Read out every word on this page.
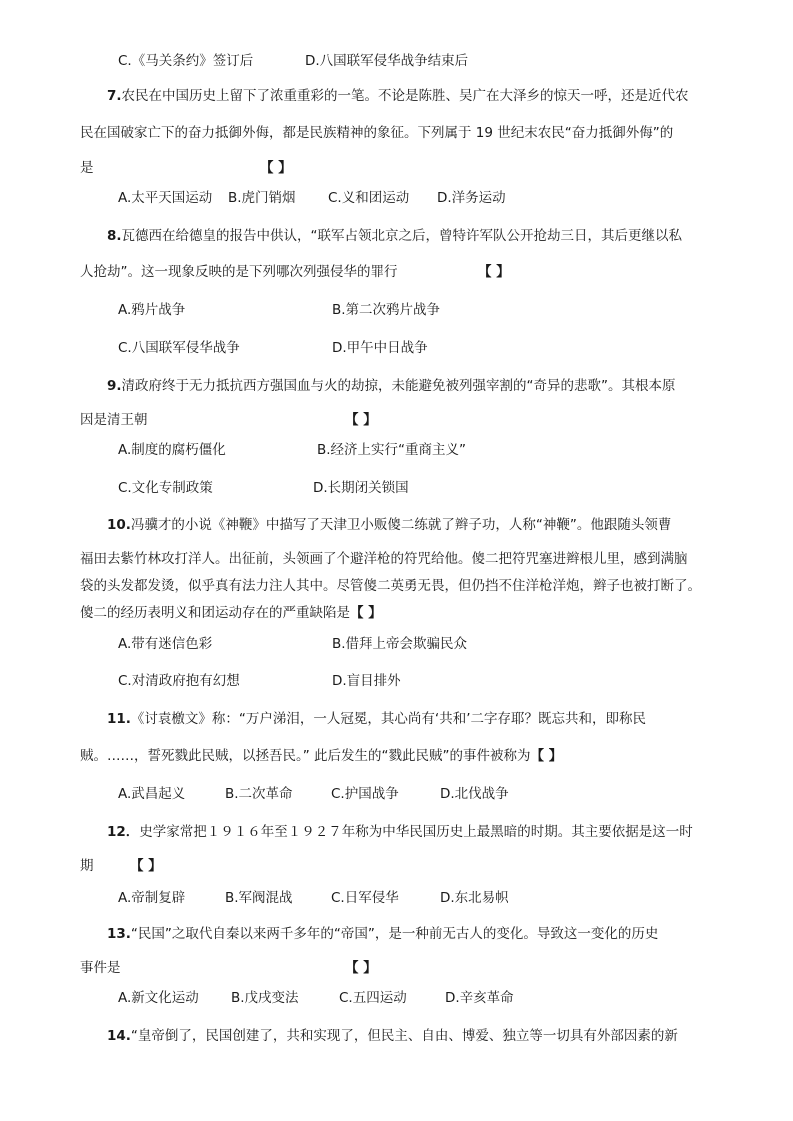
C.《马关条约》签订后	D.八国联军侵华战争结束后
7.农民在中国历史上留下了浓重重彩的一笔。不论是陈胜、吴广在大泽乡的惊天一呼，还是近代农
民在国破家亡下的奋力抵御外侮，都是民族精神的象征。下列属于 19 世纪末农民“奋力抵御外侮”的
是	【 】
A.太平天国运动 B.虎门销烟 C.义和团运动 D.洋务运动
8.瓦德西在给德皇的报告中供认，“联军占领北京之后，曾特许军队公开抢劫三日，其后更继以私
人抢劫”。这一现象反映的是下列哪次列强侵华的罪行	【 】
A.鸦片战争	B.第二次鸦片战争
C.八国联军侵华战争	D.甲午中日战争
9.清政府终于无力抵抗西方强国血与火的劫掠，未能避免被列强宰割的“奇异的悲歌”。其根本原
因是清王朝	【 】
A.制度的腐朽僵化	B.经济上实行“重商主义”
C.文化专制政策	D.长期闭关锁国
10.冯骥才的小说《神鞭》中描写了天津卫小贩傻二练就了辫子功，人称“神鞭”。他跟随头领曹
福田去紫竹林攻打洋人。出征前，头领画了个避洋枪的符咒给他。傻二把符咒塞进辫根儿里，感到满脑
袋的头发都发烫，似乎真有法力注人其中。尽管傻二英勇无畏，但仍挡不住洋枪洋炮，辫子也被打断了。
傻二的经历表明义和团运动存在的严重缺陷是【 】
A.带有迷信色彩	B.借拜上帝会欺骗民众
C.对清政府抱有幻想	D.盲目排外
11.《讨袁檄文》称：“万户涕泪，一人冠冕，其心尚有‘共和’二字存耶？既忘共和，即称民
贼。……，誓死戮此民贼，以拯吾民。” 此后发生的“戮此民贼”的事件被称为【 】
A.武昌起义	B.二次革命	C.护国战争	D.北伐战争
12．史学家常把１９１６年至１９２７年称为中华民国历史上最黑暗的时期。其主要依据是这一时
期	【 】
A.帝制复辟	B.军阀混战	C.日军侵华	D.东北易帜
13.“民国”之取代自秦以来两千多年的“帝国”，是一种前无古人的变化。导致这一变化的历史
事件是	【 】
A.新文化运动 B.戊戌变法	C.五四运动	D.辛亥革命
14.“皇帝倒了，民国创建了，共和实现了，但民主、自由、博爱、独立等一切具有外部因素的新
